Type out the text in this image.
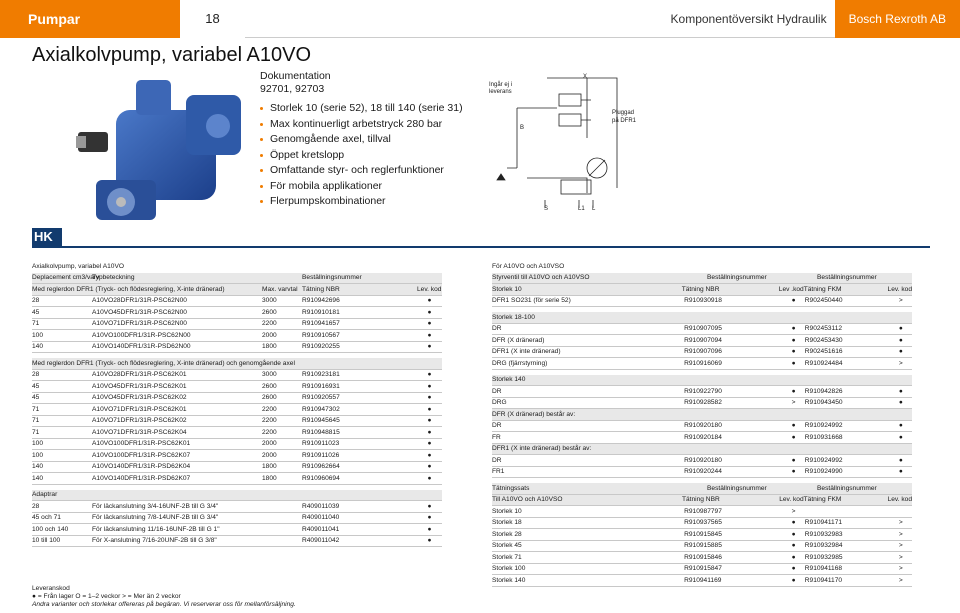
Pumpar	18	Komponentöversikt Hydraulik	Bosch Rexroth AB
Axialkolvpump, variabel A10VO
Dokumentation
92701, 92703
Storlek 10 (serie 52), 18 till 140 (serie 31)
Max kontinuerligt arbetstryck 280 bar
Genomgående axel, tillval
Öppet kretslopp
Omfattande styr- och reglerfunktioner
För mobila applikationer
Flerpumpskombinationer
Ingår ej i leverans
Pluggad på DFR1
X
B
S	L1 L
HK
Axialkolvpump, variabel A10VO
Deplacement cm3/varv
Typbeteckning	Beställningsnummer
Med reglerdon DFR1 (Tryck- och flödesreglering, X-inte dränerad)	Max. varvtal Tätning NBR	Lev. kod
28	A10VO28DFR1/31R-PSC62N00	3000	R910942696	●
45	A10VO45DFR1/31R-PSC62N00	2600	R910910181	●
71	A10VO71DFR1/31R-PSC62N00	2200	R910941657	●
100	A10VO100DFR1/31R-PSC62N00	2000	R910910567	●
140	A10VO140DFR1/31R-PSD62N00	1800	R910920255	●
Med reglerdon DFR1 (Tryck- och flödesreglering, X-inte dränerad) och genomgående axel
28	A10VO28DFR1/31R-PSC62K01	3000	R910923181	●
45	A10VO45DFR1/31R-PSC62K01	2600	R910916931	●
45	A10VO45DFR1/31R-PSC62K02	2600	R910920557	●
71	A10VO71DFR1/31R-PSC62K01	2200	R910947302	●
71	A10VO71DFR1/31R-PSC62K02	2200	R910945645	●
71	A10VO71DFR1/31R-PSC62K04	2200	R910948815	●
100	A10VO100DFR1/31R-PSC62K01	2000	R910911023	●
100	A10VO100DFR1/31R-PSC62K07	2000	R910911026	●
140	A10VO140DFR1/31R-PSD62K04	1800	R910962664	●
140	A10VO140DFR1/31R-PSD62K07	1800	R910960694	●
Adaptrar
28	För läckanslutning 3/4-16UNF-2B till G 3/4"	R409011039	●
45 och 71	För läckanslutning 7/8-14UNF-2B till G 3/4"	R409011040	●
100 och 140	För läckanslutning 11/16-16UNF-2B till G 1"	R409011041	●
10 till 100	För X-anslutning 7/16-20UNF-2B till G 3/8"	R409011042	●
För A10VO och A10VSO
Styrventil till A10VO och A10VSO	Beställningsnummer	Beställningsnummer
Storlek 10	Tätning NBR	Lev .kod Tätning FKM	Lev. kod
DFR1 SO231 (för serie 52)	R910930918	●	R902450440	>
Storlek 18-100
DR	R910907095	●	R902453112	●
DFR (X dränerad)	R910907094	●	R902453430	●
DFR1 (X inte dränerad)	R910907096	●	R902451616	●
DRG (fjärrstyrning)	R910916069	●	R910924484	>
Storlek 140
DR	R910922790	●	R910942826	●
DRG	R910928582	>	R910943450	●
DFR (X dränerad) består av:
DR	R910920180	●	R910924992	●
FR	R910920184	●	R910931668	●
DFR1 (X inte dränerad) består av:
DR	R910920180	●	R910924992	●
FR1	R910920244	●	R910924990	●
Tätningssats	Beställningsnummer	Beställningsnummer
Till A10VO och A10VSO	Tätning NBR	Lev. kod Tätning FKM	Lev. kod
Storlek 10	R910987797	>
Storlek 18	R910937565	●	R910941171	>
Storlek 28	R910915845	●	R910932983	>
Storlek 45	R910915885	●	R910932984	>
Storlek 71	R910915846	●	R910932985	>
Storlek 100	R910915847	●	R910941168	>
Storlek 140	R910941169	●	R910941170	>
Leveranskod
● = Från lager O = 1–2 veckor > = Mer än 2 veckor
Andra varianter och storlekar offereras på begäran. Vi reserverar oss för mellanförsäljning.
